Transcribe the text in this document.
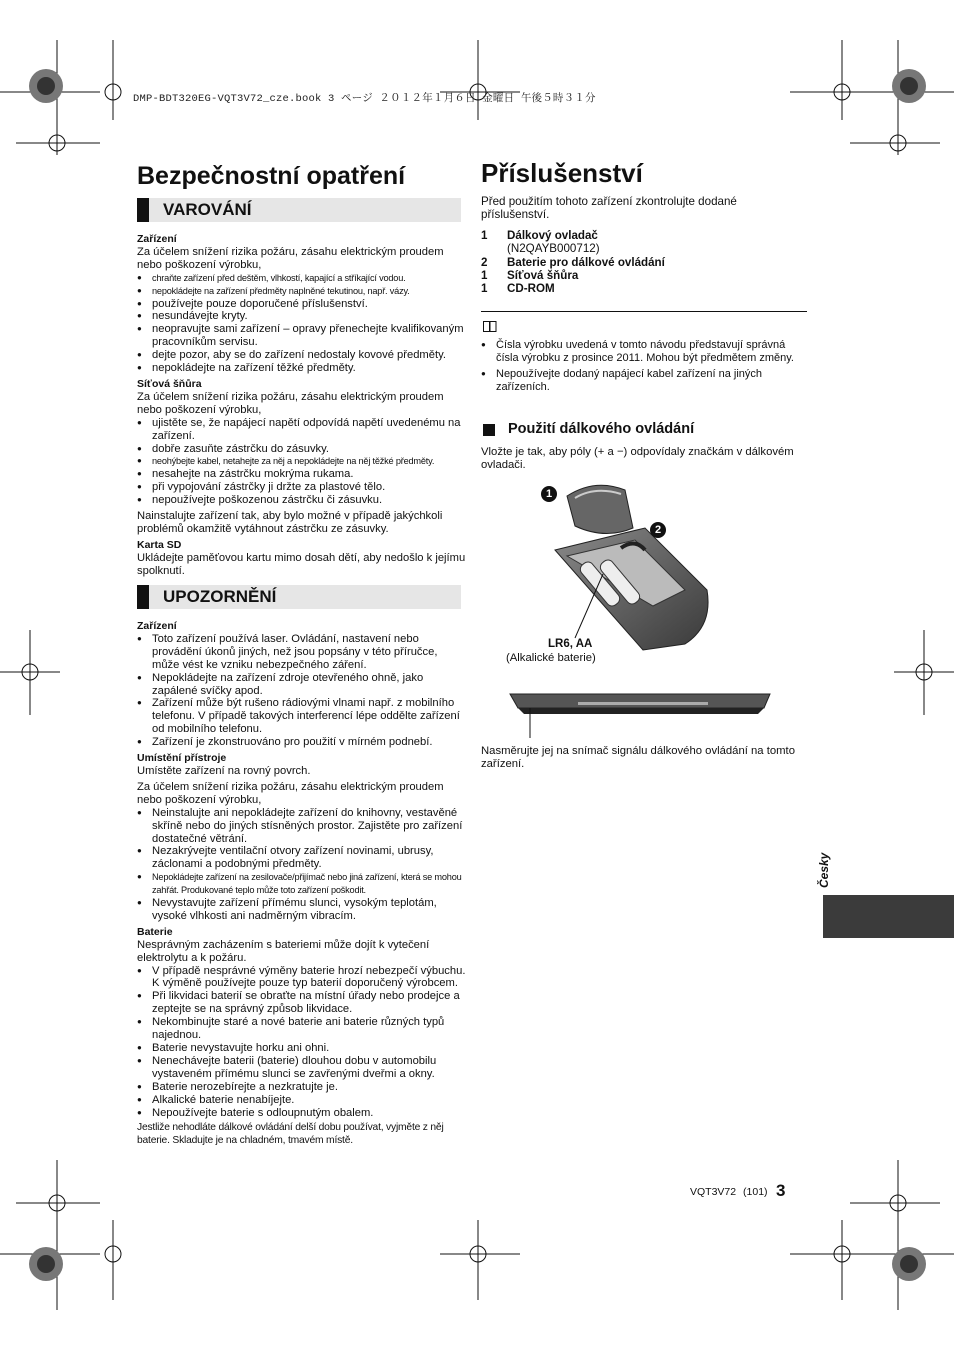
DMP-BDT320EG-VQT3V72_cze.book 3 ページ ２０１２年１月６日 金曜日 午後５時３１分
Bezpečnostní opatření
VAROVÁNÍ

Zařízení

Za účelem snížení rizika požáru, zásahu elektrickým proudem nebo poškození výrobku,

● chraňte zařízení před deštěm, vlhkostí, kapající a stříkající vodou.
● nepokládejte na zařízení předměty naplněné tekutinou, např. vázy.
● používejte pouze doporučené příslušenství.
● nesundávejte kryty.
● neopravujte sami zařízení – opravy přenechejte kvalifikovaným pracovníkům servisu.
● dejte pozor, aby se do zařízení nedostaly kovové předměty.
● nepokládejte na zařízení těžké předměty.

Síťová šňůra

Za účelem snížení rizika požáru, zásahu elektrickým proudem nebo poškození výrobku,

● ujistěte se, že napájecí napětí odpovídá napětí uvedenému na zařízení.
● dobře zasuňte zástrčku do zásuvky.
● neohýbejte kabel, netahejte za něj a nepokládejte na něj těžké předměty.
● nesahejte na zástrčku mokrýma rukama.
● při vypojování zástrčky ji držte za plastové tělo.
● nepoužívejte poškozenou zástrčku či zásuvku.

Nainstalujte zařízení tak, aby bylo možné v případě jakýchkoli problémů okamžitě vytáhnout zástrčku ze zásuvky.

Karta SD

Ukládejte paměťovou kartu mimo dosah dětí, aby nedošlo k jejímu spolknutí.

UPOZORNĚNÍ

Zařízení

● Toto zařízení používá laser. Ovládání, nastavení nebo provádění úkonů jiných, než jsou popsány v této příručce, může vést ke vzniku nebezpečného záření.
● Nepokládejte na zařízení zdroje otevřeného ohně, jako zapálené svíčky apod.
● Zařízení může být rušeno rádiovými vlnami např. z mobilního telefonu. V případě takových interferencí lépe oddělte zařízení od mobilního telefonu.
● Zařízení je zkonstruováno pro použití v mírném podnebí.

Umístění přístroje

Umístěte zařízení na rovný povrch.

Za účelem snížení rizika požáru, zásahu elektrickým proudem nebo poškození výrobku,

● Neinstalujte ani nepokládejte zařízení do knihovny, vestavěné skříně nebo do jiných stísněných prostor. Zajistěte pro zařízení dostatečné větrání.
● Nezakrývejte ventilační otvory zařízení novinami, ubrusy, záclonami a podobnými předměty.
● Nepokládejte zařízení na zesilovače/přijímač nebo jiná zařízení, která se mohou zahřát. Produkované teplo může toto zařízení poškodit.
● Nevystavujte zařízení přímému slunci, vysokým teplotám, vysoké vlhkosti ani nadměrným vibracím.

Baterie

Nesprávným zacházením s bateriemi může dojít k vytečení elektrolytu a k požáru.

● V případě nesprávné výměny baterie hrozí nebezpečí výbuchu. K výměně používejte pouze typ baterií doporučený výrobcem.
● Při likvidaci baterií se obraťte na místní úřady nebo prodejce a zeptejte se na správný způsob likvidace.
● Nekombinujte staré a nové baterie ani baterie různých typů najednou.
● Baterie nevystavujte horku ani ohni.
● Nenechávejte baterii (baterie) dlouhou dobu v automobilu vystaveném přímému slunci se zavřenými dveřmi a okny.
● Baterie nerozebírejte a nezkratujte je.
● Alkalické baterie nenabíjejte.
● Nepoužívejte baterie s odloupnutým obalem.

Jestliže nehodláte dálkové ovládání delší dobu používat, vyjměte z něj baterie. Skladujte je na chladném, tmavém místě.

Příslušenství

Před použitím tohoto zařízení zkontrolujte dodané příslušenství.

1	Dálkový ovladač
(N2QAYB000712)
2	Baterie pro dálkové ovládání
1	Síťová šňůra
1	CD-ROM
● Čísla výrobku uvedená v tomto návodu představují správná čísla výrobku z prosince 2011. Mohou být předmětem změny.
● Nepoužívejte dodaný napájecí kabel zařízení na jiných zařízeních.
Použití dálkového ovládání
Vložte je tak, aby póly (+ a −) odpovídaly značkám v dálkovém ovladači.
1
2
LR6, AA
(Alkalické baterie)
Nasměrujte jej na snímač signálu dálkového ovládání na tomto zařízení.
Česky
VQT3V72 (101) 3
